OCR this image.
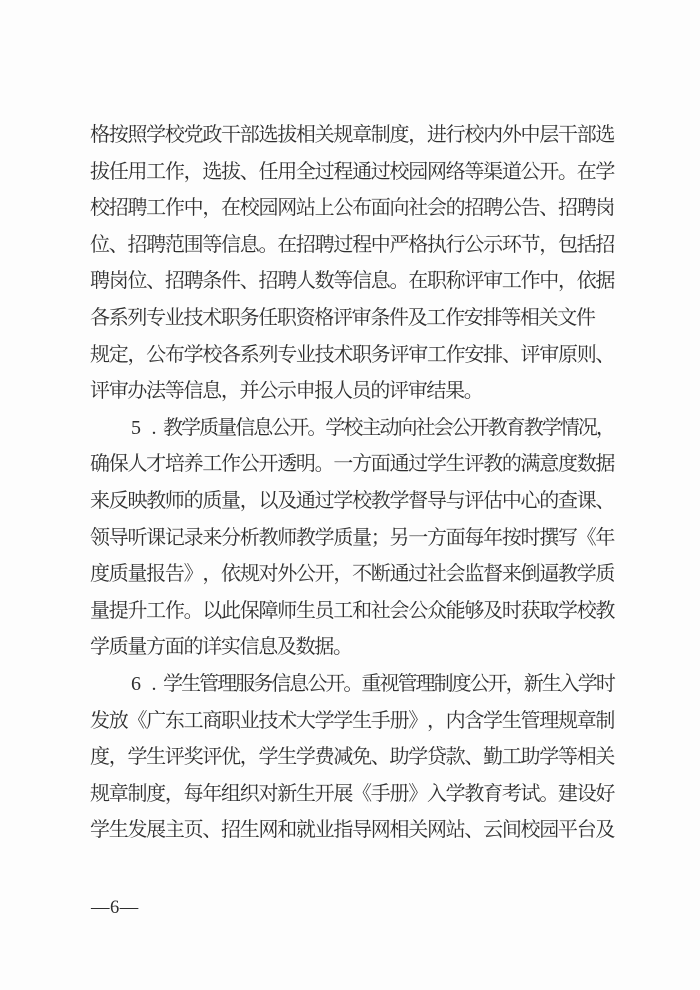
格
按
照
学
校
党
政
干
部
选
拔
相
关
规
章
制
度
，
进
行
校
内
外
中
层
干
部
选
拔
任
用
工
作
，
选
拔
、
任
用
全
过
程
通
过
校
园
网
络
等
渠
道
公
开
。
在
学
校
招
聘
工
作
中
，
在
校
园
网
站
上
公
布
面
向
社
会
的
招
聘
公
告
、
招
聘
岗
位
、
招
聘
范
围
等
信
息
。
在
招
聘
过
程
中
严
格
执
行
公
示
环
节
，
包
括
招
聘
岗
位
、
招
聘
条
件
、
招
聘
人
数
等
信
息
。
在
职
称
评
审
工
作
中
，
依
据
各
系
列
专
业
技
术
职
务
任
职
资
格
评
审
条
件
及
工
作
安
排
等
相
关
文
件
规
定
，
公
布
学
校
各
系
列
专
业
技
术
职
务
评
审
工
作
安
排
、
评
审
原
则
、
评
审
办
法
等
信
息
，
并
公
示
申
报
人
员
的
评
审
结
果
。
5 . 教
学
质
量
信
息
公
开
。
学
校
主
动
向
社
会
公
开
教
育
教
学
情
况
，
确
保
人
才
培
养
工
作
公
开
透
明
。
一
方
面
通
过
学
生
评
教
的
满
意
度
数
据
来
反
映
教
师
的
质
量
，
以
及
通
过
学
校
教
学
督
导
与
评
估
中
心
的
查
课
、
领
导
听
课
记
录
来
分
析
教
师
教
学
质
量
；
另
一
方
面
每
年
按
时
撰
写
《
年
度
质
量
报
告
》
，
依
规
对
外
公
开
，
不
断
通
过
社
会
监
督
来
倒
逼
教
学
质
量
提
升
工
作
。
以
此
保
障
师
生
员
工
和
社
会
公
众
能
够
及
时
获
取
学
校
教
学
质
量
方
面
的
详
实
信
息
及
数
据
。
6 . 学
生
管
理
服
务
信
息
公
开
。
重
视
管
理
制
度
公
开
，
新
生
入
学
时
发
放
《
广
东
工
商
职
业
技
术
大
学
学
生
手
册
》
，
内
含
学
生
管
理
规
章
制
度
，
学
生
评
奖
评
优
，
学
生
学
费
减
免
、
助
学
贷
款
、
勤
工
助
学
等
相
关
规
章
制
度
，
每
年
组
织
对
新
生
开
展
《
手
册
》
入
学
教
育
考
试
。
建
设
好
学
生
发
展
主
页
、
招
生
网
和
就
业
指
导
网
相
关
网
站
、
云
间
校
园
平
台
及
—6—
